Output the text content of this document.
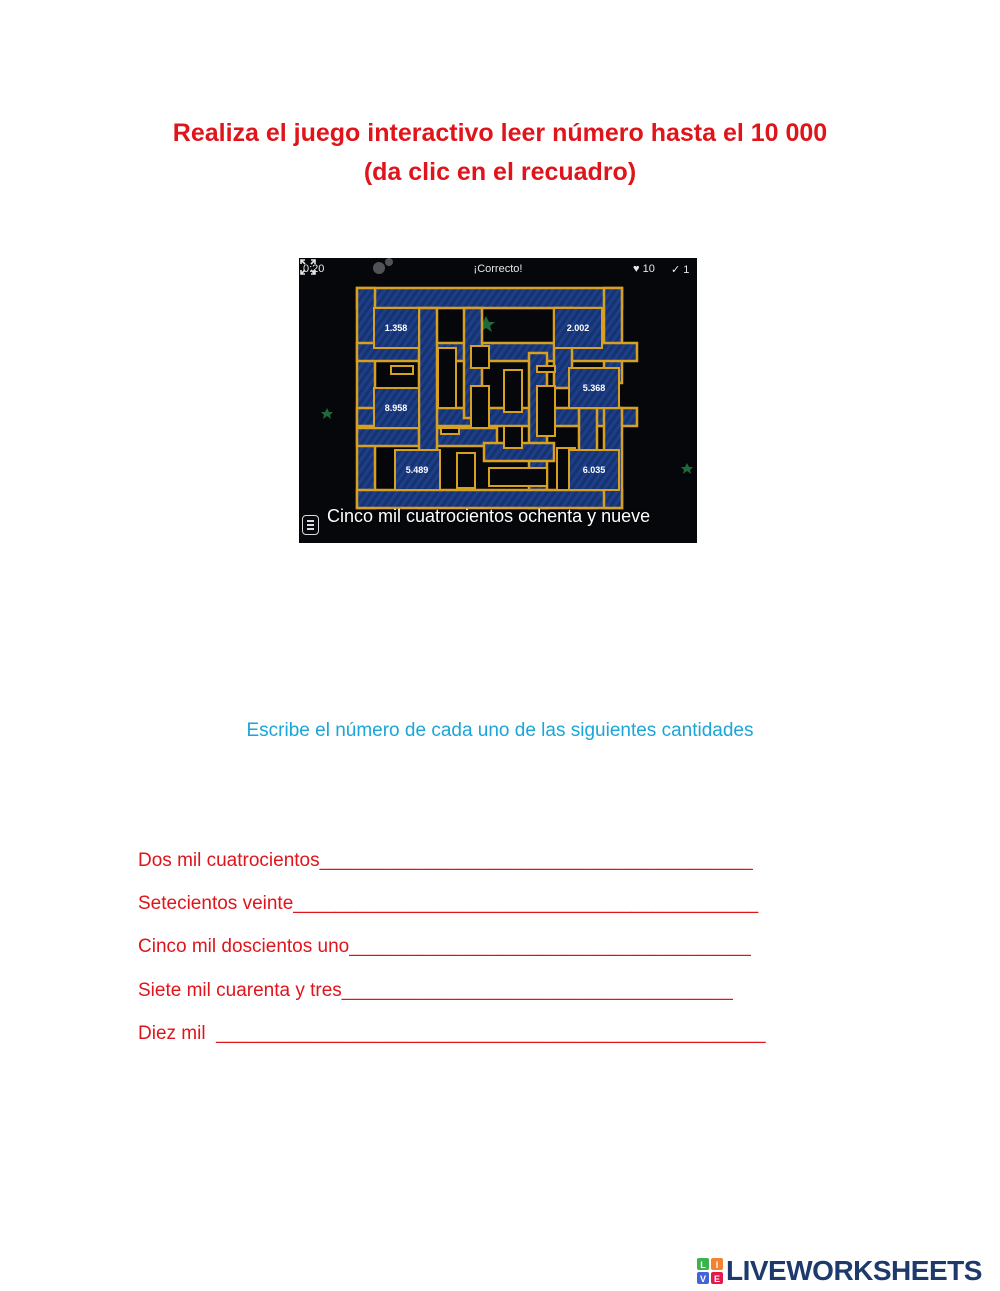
Realiza el juego interactivo leer número hasta el 10 000
(da clic en el recuadro)
0:20	¡Correcto!	♥ 10 ✓ 1
1.358	2.002
5.368
8.958
5.489	6.035
Cinco mil cuatrocientos ochenta y nueve
Escribe el número de cada uno de las siguientes cantidades
Dos mil cuatrocientos_________________________________________
Setecientos veinte____________________________________________
Cinco mil doscientos uno______________________________________
Siete mil cuarenta y tres_____________________________________
Diez mil  ____________________________________________________
L I
V E LIVEWORKSHEETS
